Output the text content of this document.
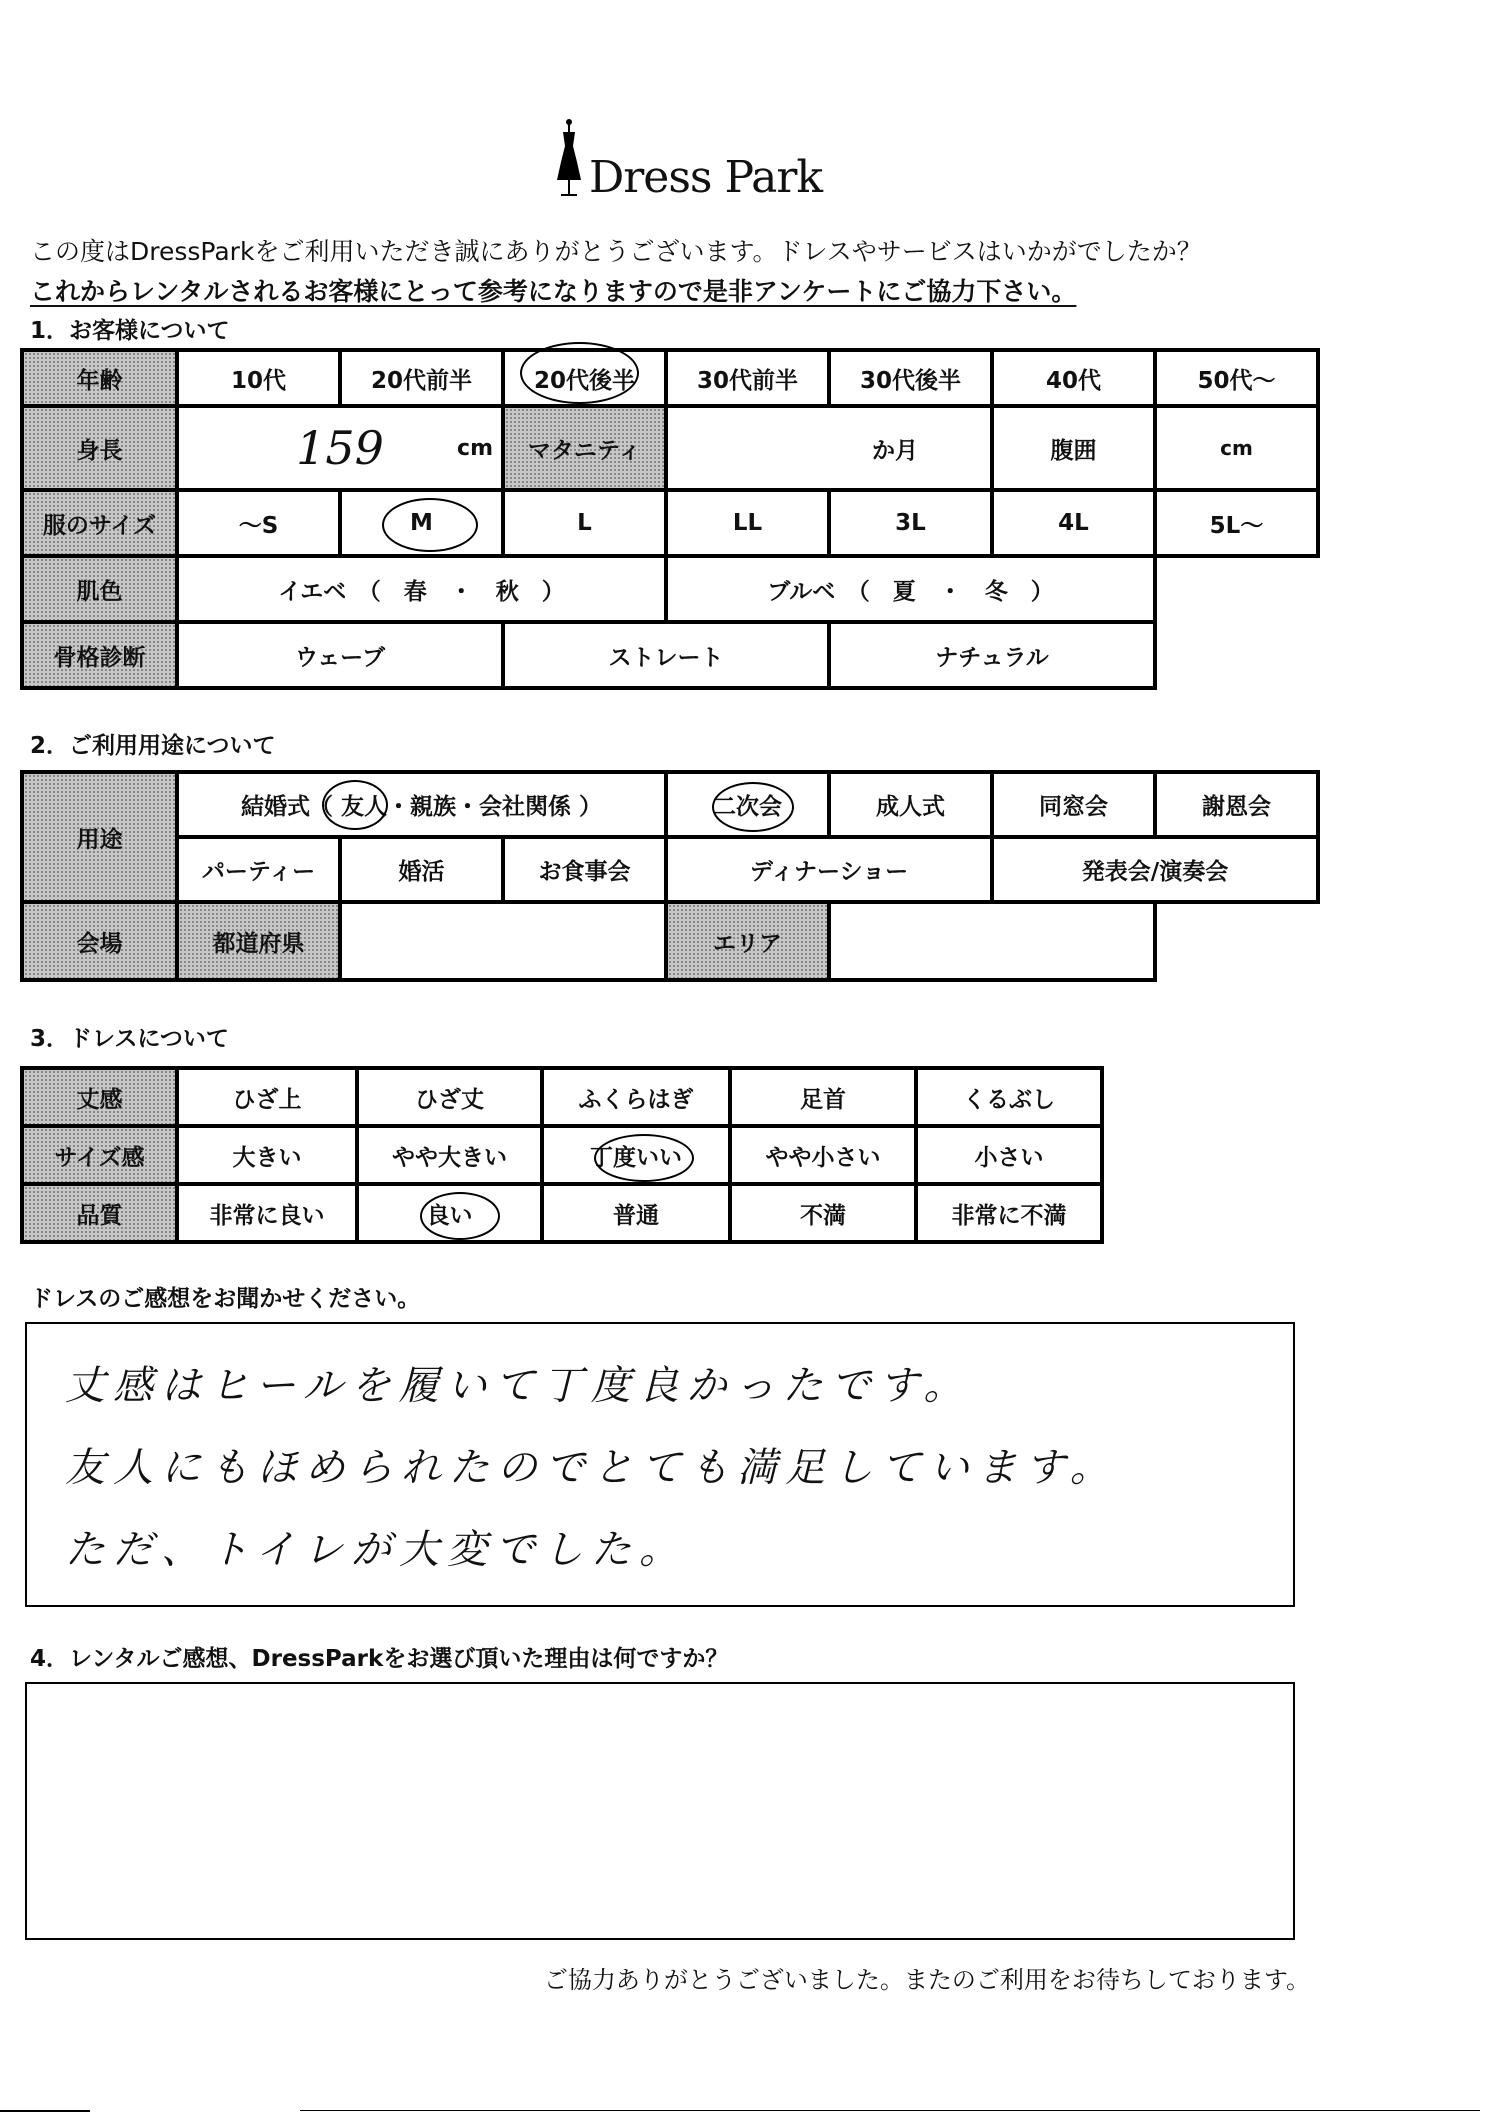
Dress Park
この度はDressParkをご利用いただき誠にありがとうございます。ドレスやサービスはいかがでしたか？
これからレンタルされるお客様にとって参考になりますので是非アンケートにご協力下さい。
1．お客様について
年齢	10代	20代前半	20代後半	30代前半	30代後半	40代	50代～
身長	159	cm	マタニティ	か月	腹囲	cm
服のサイズ	～S	M	L	LL	3L	4L	5L～
肌色	イエベ　（　春　・　秋　）	ブルベ　（　夏　・　冬　）
骨格診断	ウェーブ	ストレート	ナチュラル
2．ご利用用途について
用途
結婚式（ 友人・親族・会社関係 ）	二次会	成人式	同窓会	謝恩会
パーティー	婚活	お食事会	ディナーショー	発表会/演奏会
会場	都道府県	エリア
3．ドレスについて
丈感	ひざ上	ひざ丈	ふくらはぎ	足首	くるぶし
サイズ感	大きい	やや大きい	丁度いい	やや小さい	小さい
品質	非常に良い	良い	普通	不満	非常に不満
ドレスのご感想をお聞かせください。
丈感はヒールを履いて丁度良かったです。
友人にもほめられたのでとても満足しています。
ただ、トイレが大変でした。
4．レンタルご感想、DressParkをお選び頂いた理由は何ですか？
ご協力ありがとうございました。またのご利用をお待ちしております。
